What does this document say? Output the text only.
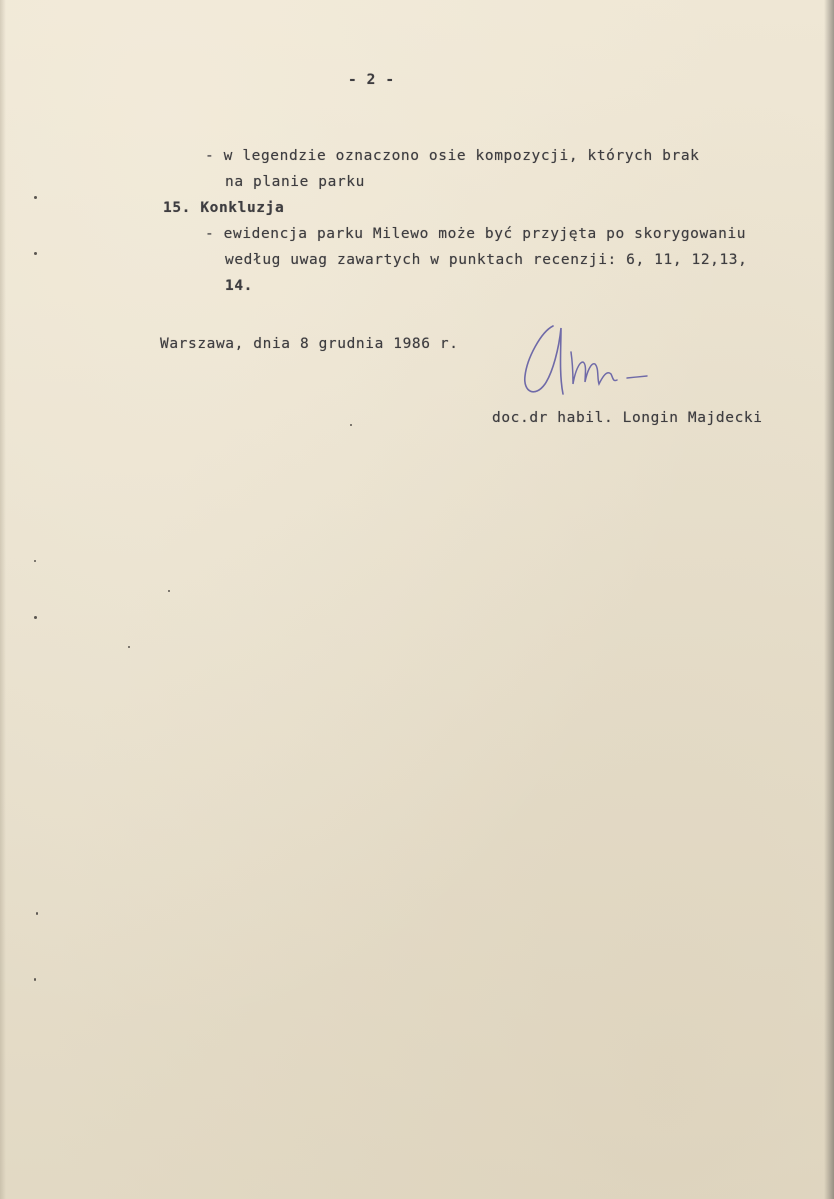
- 2 -
- w legendzie oznaczono osie kompozycji, których brak
na planie parku
15. Konkluzja
- ewidencja parku Milewo może być przyjęta po skorygowaniu
według uwag zawartych w punktach recenzji: 6, 11, 12,13,
14.
Warszawa, dnia 8 grudnia 1986 r.
doc.dr habil. Longin Majdecki
